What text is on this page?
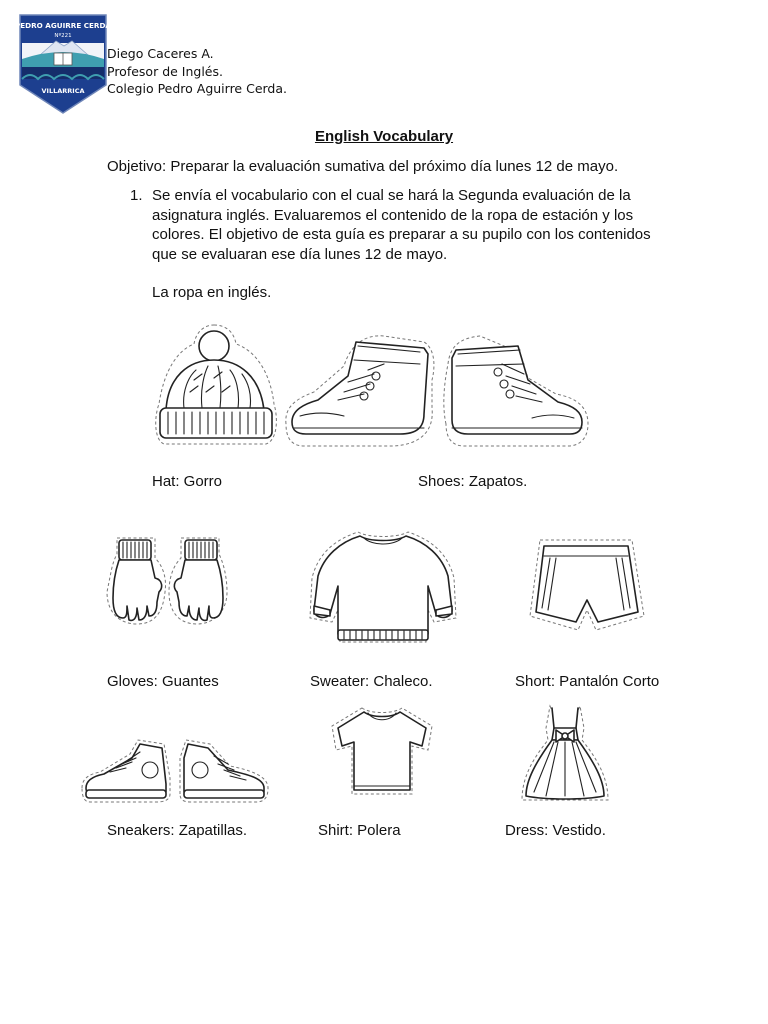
PEDRO AGUIRRE CERDA
Nº221
VILLARRICA
Diego Caceres A.
Profesor de Inglés.
Colegio Pedro Aguirre Cerda.
English Vocabulary
Objetivo: Preparar la evaluación sumativa del próximo día lunes 12 de mayo.
1. Se envía el vocabulario con el cual se hará la Segunda evaluación de la
asignatura inglés. Evaluaremos el contenido de la ropa de estación y los
colores. El objetivo de esta guía es preparar a su pupilo con los contenidos
que se evaluaran ese día lunes 12 de mayo.
La ropa en inglés.
Hat: Gorro	Shoes: Zapatos.
Gloves: Guantes	Sweater: Chaleco.	Short: Pantalón Corto
Sneakers: Zapatillas.	Shirt: Polera	Dress: Vestido.
